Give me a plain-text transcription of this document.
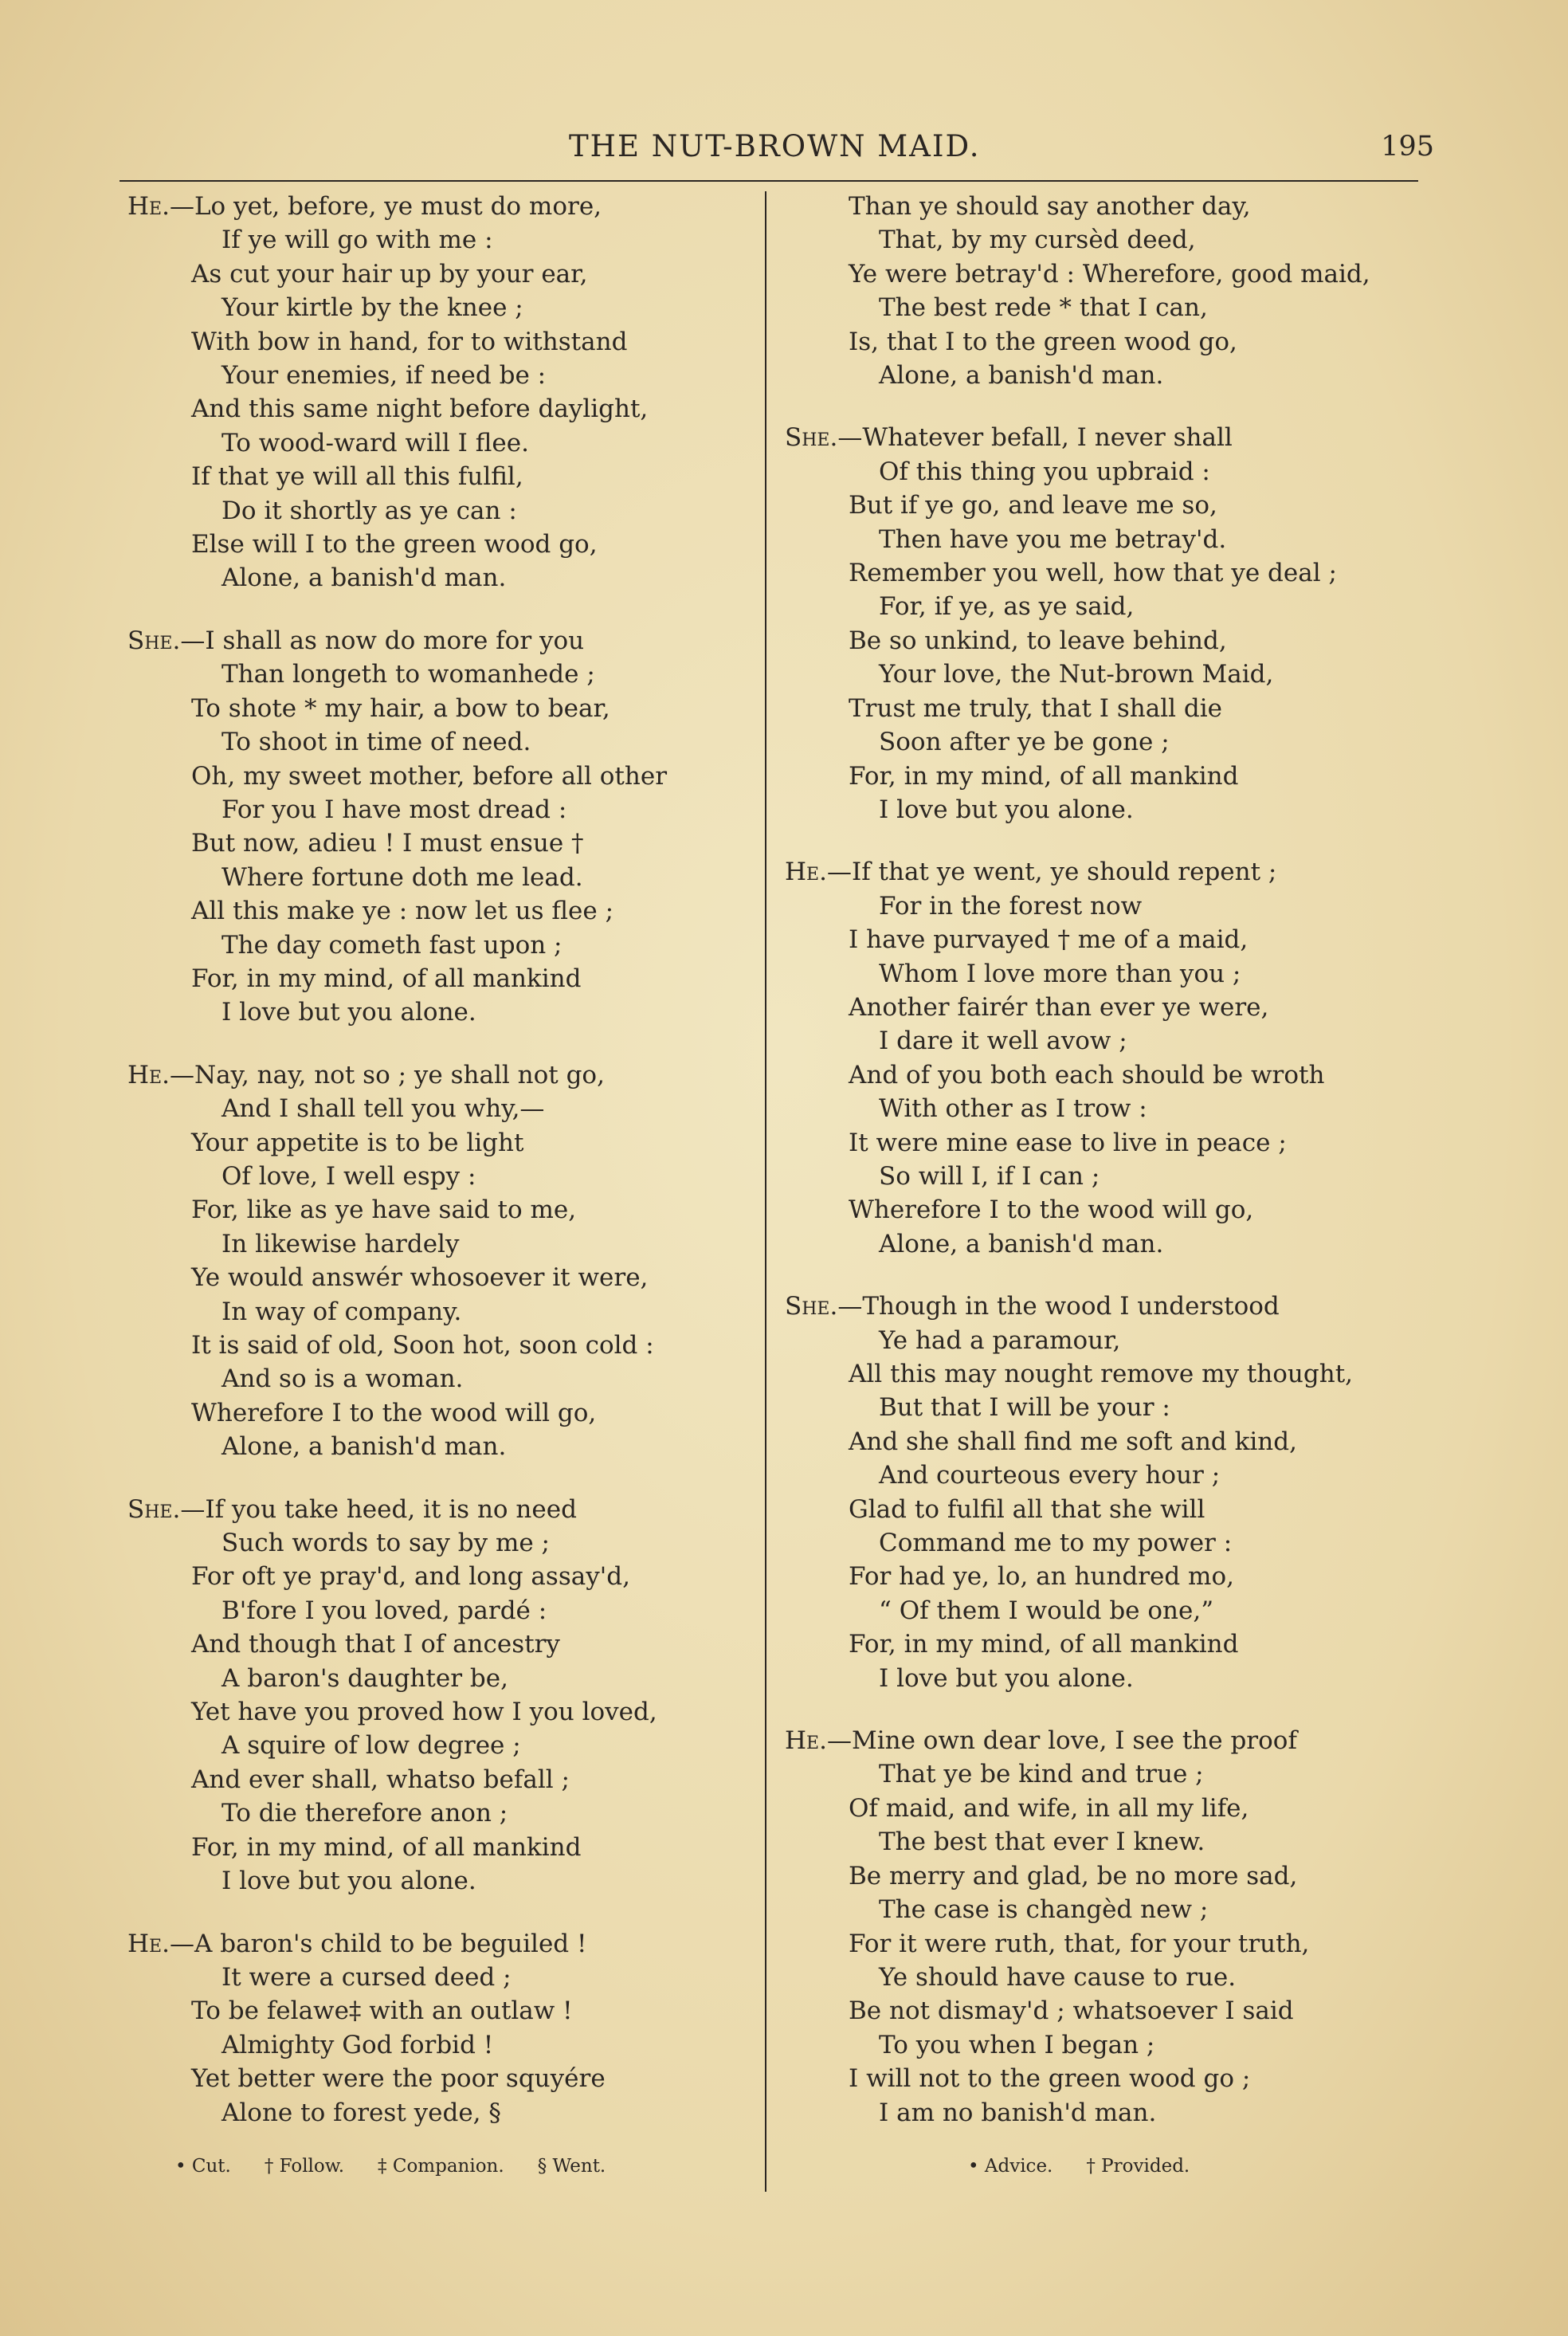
THE NUT-BROWN MAID.	195
He.—Lo yet, before, ye must do more,
If ye will go with me :
As cut your hair up by your ear,
Your kirtle by the knee ;
With bow in hand, for to withstand
Your enemies, if need be :
And this same night before daylight,
To wood-ward will I flee.
If that ye will all this fulfil,
Do it shortly as ye can :
Else will I to the green wood go,
Alone, a banish'd man.
She.—I shall as now do more for you
Than longeth to womanhede ;
To shote * my hair, a bow to bear,
To shoot in time of need.
Oh, my sweet mother, before all other
For you I have most dread :
But now, adieu ! I must ensue †
Where fortune doth me lead.
All this make ye : now let us flee ;
The day cometh fast upon ;
For, in my mind, of all mankind
I love but you alone.
He.—Nay, nay, not so ; ye shall not go,
And I shall tell you why,—
Your appetite is to be light
Of love, I well espy :
For, like as ye have said to me,
In likewise hardely
Ye would answér whosoever it were,
In way of company.
It is said of old, Soon hot, soon cold :
And so is a woman.
Wherefore I to the wood will go,
Alone, a banish'd man.
She.—If you take heed, it is no need
Such words to say by me ;
For oft ye pray'd, and long assay'd,
B'fore I you loved, pardé :
And though that I of ancestry
A baron's daughter be,
Yet have you proved how I you loved,
A squire of low degree ;
And ever shall, whatso befall ;
To die therefore anon ;
For, in my mind, of all mankind
I love but you alone.
He.—A baron's child to be beguiled !
It were a cursed deed ;
To be felawe‡ with an outlaw !
Almighty God forbid !
Yet better were the poor squyére
Alone to forest yede, §
Than ye should say another day,
That, by my cursèd deed,
Ye were betray'd : Wherefore, good maid,
The best rede * that I can,
Is, that I to the green wood go,
Alone, a banish'd man.
She.—Whatever befall, I never shall
Of this thing you upbraid :
But if ye go, and leave me so,
Then have you me betray'd.
Remember you well, how that ye deal ;
For, if ye, as ye said,
Be so unkind, to leave behind,
Your love, the Nut-brown Maid,
Trust me truly, that I shall die
Soon after ye be gone ;
For, in my mind, of all mankind
I love but you alone.
He.—If that ye went, ye should repent ;
For in the forest now
I have purvayed † me of a maid,
Whom I love more than you ;
Another fairér than ever ye were,
I dare it well avow ;
And of you both each should be wroth
With other as I trow :
It were mine ease to live in peace ;
So will I, if I can ;
Wherefore I to the wood will go,
Alone, a banish'd man.
She.—Though in the wood I understood
Ye had a paramour,
All this may nought remove my thought,
But that I will be your :
And she shall find me soft and kind,
And courteous every hour ;
Glad to fulfil all that she will
Command me to my power :
For had ye, lo, an hundred mo,
“ Of them I would be one,”
For, in my mind, of all mankind
I love but you alone.
He.—Mine own dear love, I see the proof
That ye be kind and true ;
Of maid, and wife, in all my life,
The best that ever I knew.
Be merry and glad, be no more sad,
The case is changèd new ;
For it were ruth, that, for your truth,
Ye should have cause to rue.
Be not dismay'd ; whatsoever I said
To you when I began ;
I will not to the green wood go ;
I am no banish'd man.
• Cut. † Follow. ‡ Companion. § Went.	• Advice. † Provided.
